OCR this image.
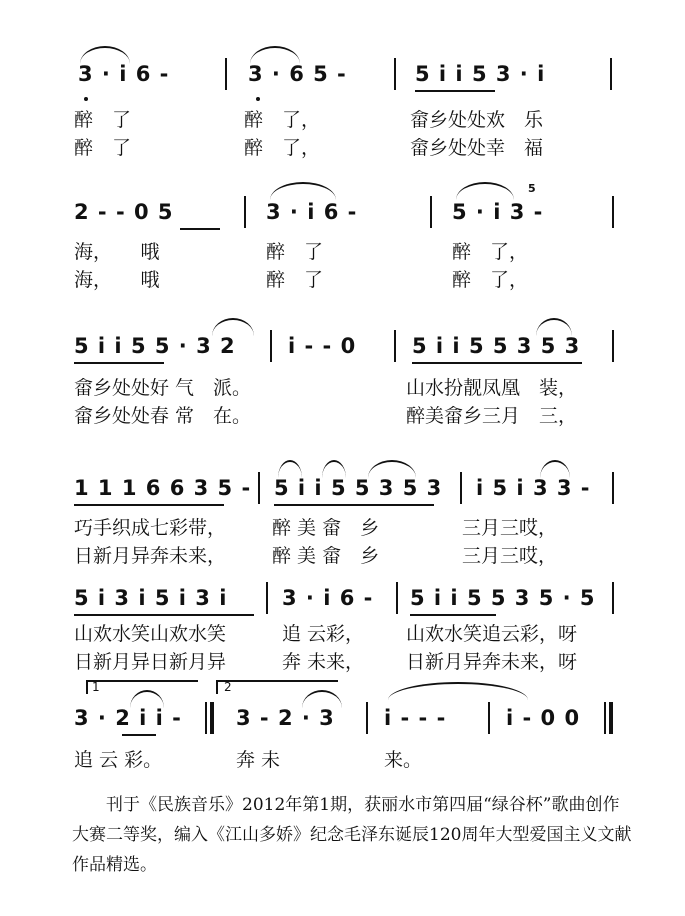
3 · i 6 -	3 · 6 5 -	5 i i 5 3 · i
醉　了	醉　了，	畲乡处处欢　乐
醉　了	醉　了，	畲乡处处幸　福
2 - - 0 5	3 · i 6 -	5 · i 3 -
5
海，　　哦	醉　了	醉　了，
海，　　哦	醉　了	醉　了，
5 i i 5 5 · 3 2 i - - 0	5 i i 5 5 3 5 3
畲乡处处好 气　派。	山水扮靓凤凰　装，
畲乡处处春 常　在。	醉美畲乡三月　三，
1 1 1 6 6 3 5 - 5 i i 5 5 3 5 3 i 5 i 3 3 -
巧手织成七彩带， 醉 美 畲　乡	三月三哎，
日新月异奔未来， 醉 美 畲　乡	三月三哎，
5 i 3 i 5 i 3 i	3 · i 6 - 5 i i 5 5 3 5 · 5
山欢水笑山欢水笑	追 云彩， 山欢水笑追云彩，呀
日新月异日新月异	奔 未来， 日新月异奔未来，呀
1	2
3 · 2 i i -	3 - 2 · 3 i - - -	i - 0 0
追 云 彩。	奔 未	来。
刊于《民族音乐》2012年第1期，获丽水市第四届“绿谷杯”歌曲创作大赛二等奖，编入《江山多娇》纪念毛泽东诞辰120周年大型爱国主义文献作品精选。
